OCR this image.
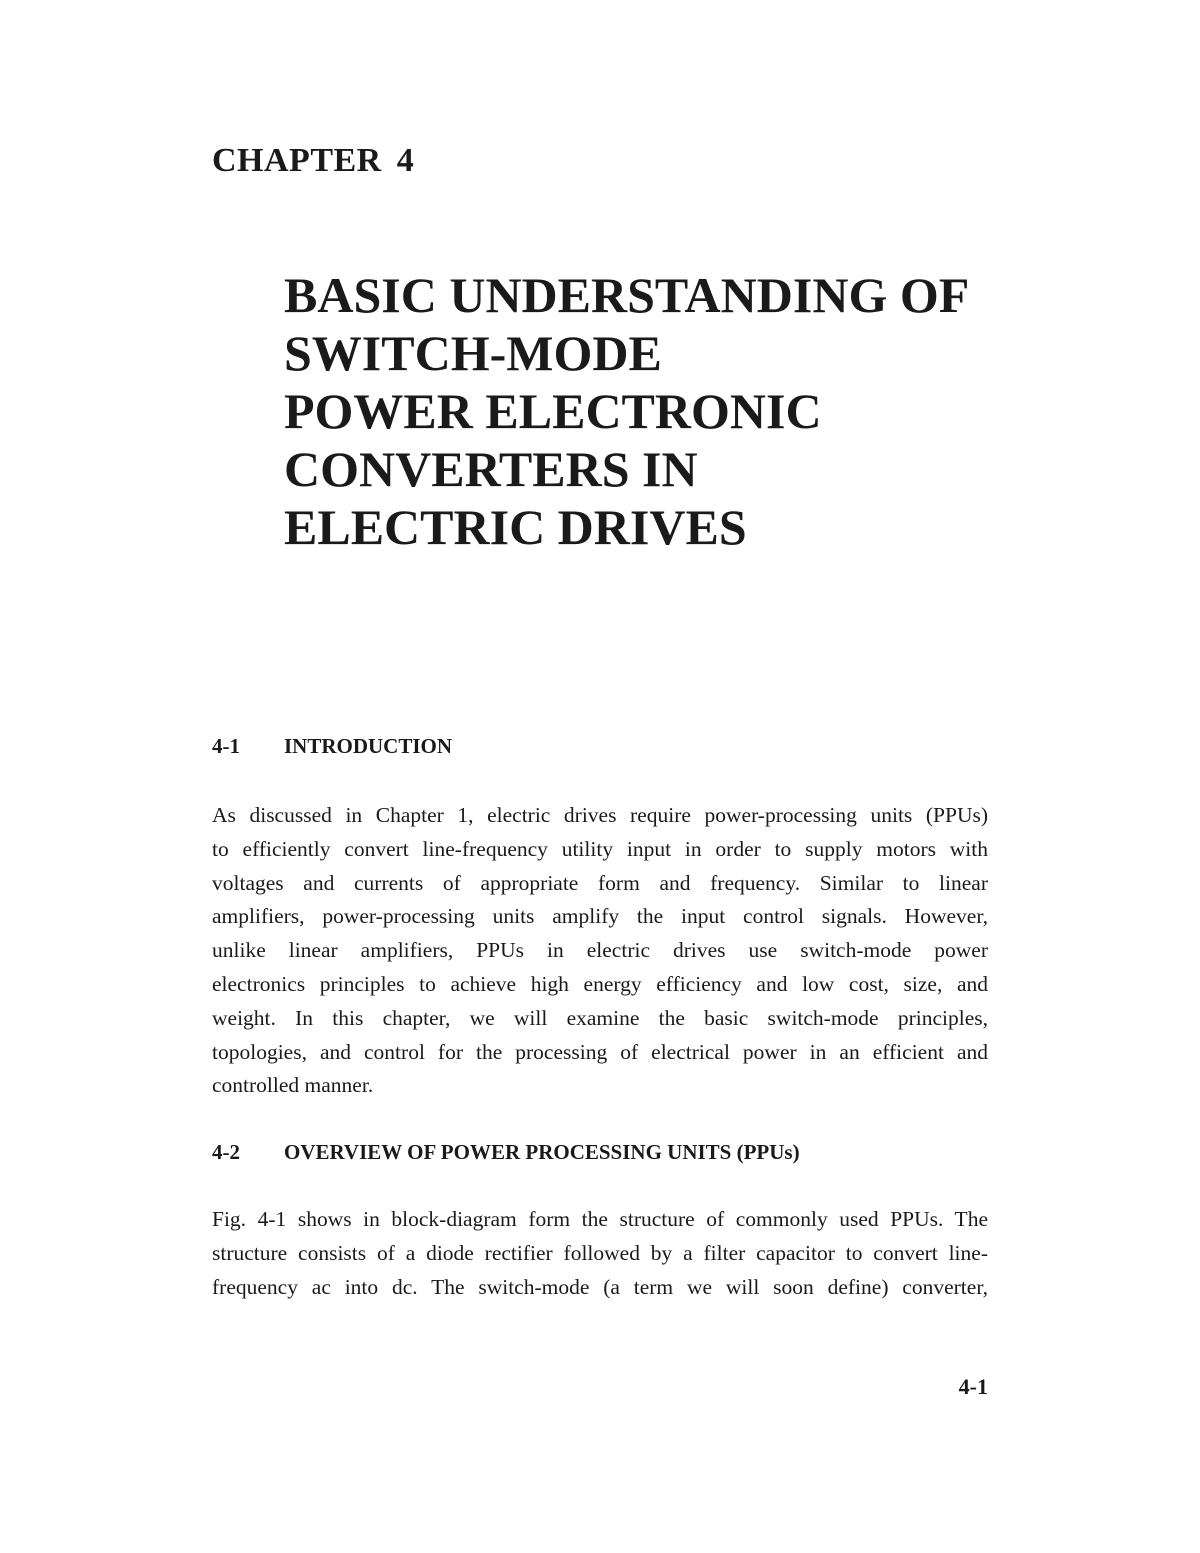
CHAPTER 4
BASIC UNDERSTANDING OF
SWITCH-MODE
POWER ELECTRONIC
CONVERTERS IN
ELECTRIC DRIVES
4-1 INTRODUCTION
As discussed in Chapter 1, electric drives require power-processing units (PPUs)
to efficiently convert line-frequency utility input in order to supply motors with
voltages and currents of appropriate form and frequency. Similar to linear
amplifiers, power-processing units amplify the input control signals. However,
unlike linear amplifiers, PPUs in electric drives use switch-mode power
electronics principles to achieve high energy efficiency and low cost, size, and
weight. In this chapter, we will examine the basic switch-mode principles,
topologies, and control for the processing of electrical power in an efficient and
controlled manner.
4-2 OVERVIEW OF POWER PROCESSING UNITS (PPUs)
Fig. 4-1 shows in block-diagram form the structure of commonly used PPUs. The
structure consists of a diode rectifier followed by a filter capacitor to convert line-
frequency ac into dc. The switch-mode (a term we will soon define) converter,
4-1
